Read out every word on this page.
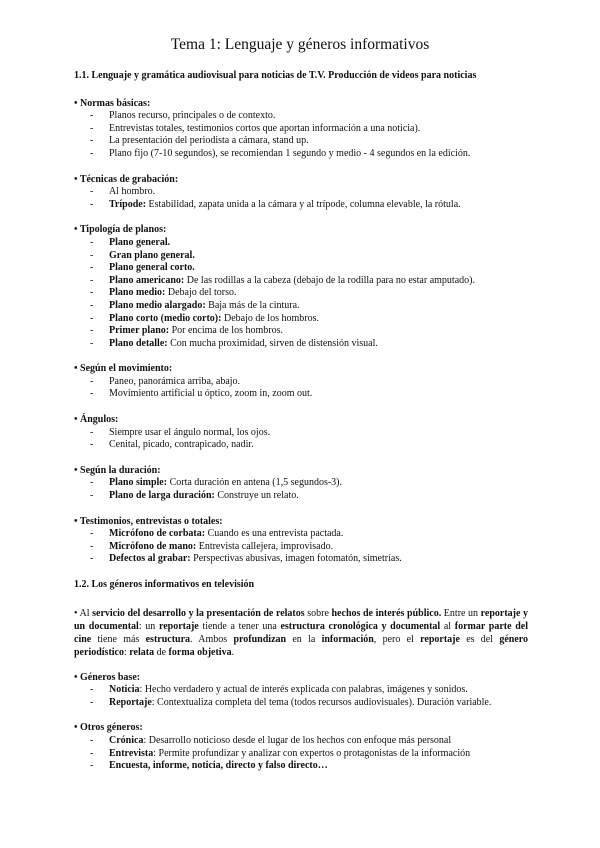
Tema 1: Lenguaje y géneros informativos
1.1. Lenguaje y gramática audiovisual para noticias de T.V. Producción de videos para noticias
• Normas básicas:
- Planos recurso, principales o de contexto.
- Entrevistas totales, testimonios cortos que aportan información a una noticia).
- La presentación del periodista a cámara, stand up.
- Plano fijo (7-10 segundos), se recomiendan 1 segundo y medio - 4 segundos en la edición.
• Técnicas de grabación:
- Al hombro.
- Trípode: Estabilidad, zapata unida a la cámara y al trípode, columna elevable, la rótula.
• Tipología de planos:
- Plano general.
- Gran plano general.
- Plano general corto.
- Plano americano: De las rodillas a la cabeza (debajo de la rodilla para no estar amputado).
- Plano medio: Debajo del torso.
- Plano medio alargado: Baja más de la cintura.
- Plano corto (medio corto): Debajo de los hombros.
- Primer plano: Por encima de los hombros.
- Plano detalle: Con mucha proximidad, sirven de distensión visual.
• Según el movimiento:
- Paneo, panorámica arriba, abajo.
- Movimiento artificial u óptico, zoom in, zoom out.
• Ángulos:
- Siempre usar el ángulo normal, los ojos.
- Cenital, picado, contrapicado, nadir.
• Según la duración:
- Plano simple: Corta duración en antena (1,5 segundos-3).
- Plano de larga duración: Construye un relato.
• Testimonios, entrevistas o totales:
- Micrófono de corbata: Cuando es una entrevista pactada.
- Micrófono de mano: Entrevista callejera, improvisado.
- Defectos al grabar: Perspectivas abusivas, imagen fotomatón, simetrías.
1.2. Los géneros informativos en televisión
• Al servicio del desarrollo y la presentación de relatos sobre hechos de interés público. Entre un reportaje y un documental: un reportaje tiende a tener una estructura cronológica y documental al formar parte del cine tiene más estructura. Ambos profundizan en la información, pero el reportaje es del género periodístico: relata de forma objetiva.
• Géneros base:
- Noticia: Hecho verdadero y actual de interés explicada con palabras, imágenes y sonidos.
- Reportaje: Contextualiza completa del tema (todos recursos audiovisuales). Duración variable.
• Otros géneros:
- Crónica: Desarrollo noticioso desde el lugar de los hechos con enfoque más personal
- Entrevista: Permite profundizar y analizar con expertos o protagonistas de la información
- Encuesta, informe, noticia, directo y falso directo…
